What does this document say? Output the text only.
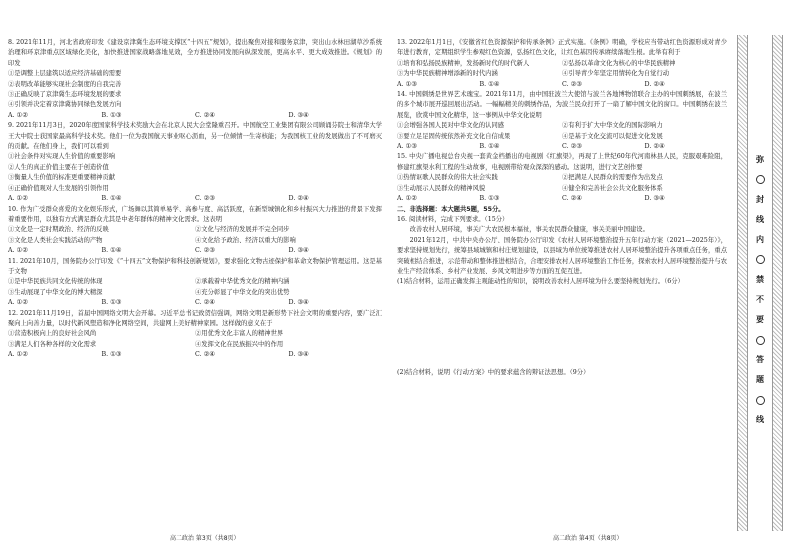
8. 2021年11月，河北省政府印发《建设京津冀生态环境支撑区“十四五”规划》，提出聚焦对接和服务京津，突出山水林田湖草沙系统治理和环京津重点区域绿化美化，加快推进国家战略落地见效，全方推进协同发展向纵深发展，更高水平、更大成效推进。《规划》的印发

①是调整上层建筑以适应经济基础的需要
②表明改革能够实现社会制度的自我完善
③正确反映了京津冀生态环境发展的要求
④引领并决定着京津冀协同绿色发展方向
A. ①②	B. ①③	C. ②④	D. ③④

9. 2021年11月3日，2020年度国家科学技术奖励大会在北京人民大会堂隆重召开。中国航空工业集团有限公司顾诵芬院士和清华大学王大中院士获国家最高科学技术奖。他们一位为我国航天事业呕心沥血，另一位倾情一生寄核能；为我国核工业的发展做出了不可磨灭的贡献。在他们身上，我们可以看到

①社会条件对实现人生价值的重要影响
②人生的真正价值主要在于创造价值
③衡量人生价值的标准更重要精神贡献
④正确价值观对人生发展的引领作用
A. ①②	B. ①④	C. ②③	D. ②④

10. 作为广受群众喜爱的文化娱乐形式，广场舞以其简单易学、高参与度、高活跃度，在新型城镇化和乡村振兴大力推进的背景下发挥着重要作用，以独有方式满足群众尤其是中老年群体的精神文化需求。这表明

①文化是一定时期政治、经济的反映	②文化与经济的发展并不完全同步
③文化是人类社会实践活动的产物	④文化给予政治、经济以重大的影响
A. ①②	B. ①④	C. ②③	D. ③④

11. 2021年10月，国务院办公厅印发《“十四五”文物保护和科技创新规划》，要求强化文物古迹保护和革命文物保护管理运用。这是基于文物

①是中华民族共同文化传统的体现	②承载着中华优秀文化的精神内涵
③生动展现了中华文化的博大精深	④充分彰显了中华文化的突出优势
A. ①②	B. ①③	C. ②④	D. ③④

12. 2021年11月19日，首届中国网络文明大会开幕。习近平总书记致贺信强调，网络文明是新形势下社会文明的重要内容，要广泛汇聚向上向善力量，以时代新风塑造和净化网络空间，共建网上美好精神家园。这样做的意义在于

①营造积极向上的良好社会风尚	②用优秀文化丰富人的精神世界
③满足人们各种各样的文化需求	④发挥文化在民族振兴中的作用
A. ①②	B. ①③	C. ②④	D. ③④

13. 2022年1月1日，《安徽省红色资源保护和传承条例》正式实施。《条例》明确，学校应当带动红色资源形成对青少年进行教育，定期组织学生参观红色资源，弘扬红色文化，让红色基因传承赓续落地生根。此举有利于

①培育和弘扬民族精神，发扬新时代的时代新人	②弘扬以革命文化为核心的中华民族精神
③为中华民族精神增添新的时代内涵	④引导青少年坚定用情转化为自觉行动
A. ①③	B. ①④	C. ②③	D. ②④

14. 中国刺绣是世界艺术瑰宝。2021年11月，由中国驻波兰大使馆与波兰各地博物馆联合主办的中国刺绣展，在波兰的多个城市展开巡回展出活动。一幅幅精美的刺绣作品，为波兰民众打开了一扇了解中国文化的窗口。中国刺绣在波兰展览，欣赏中国文化精华，这一事例从中华文化说明

①会增强各国人民对中华文化的认同感	②有利于扩大中华文化的国际影响力
③要立足足固传统依然补充文化自信成果	④是基于文化交流可以促进文化发展
A. ①③	B. ①④	C. ②③	D. ②④

15. 中央广播电视总台央视一套黄金档播出的电视剧《红旗渠》，再现了上世纪60年代河南林县人民，克服艰难险阻，修建红旗渠水利工程的生动故事，电视剧带给观众深深的感动。这说明，进行文艺创作要

①热情讴歌人民群众的伟大社会实践	②把满足人民群众的需要作为出发点
③生动展示人民群众的精神风貌	④健全和完善社会公共文化服务体系
A. ①②	B. ①③	C. ②④	D. ③④
二、非选择题：本大题共5题，55分。

16. 阅读材料，完成下列要求。（15分）

改善农村人居环境，事关广大农民根本福祉，事关农民群众健康，事关美丽中国建设。

2021年12月，中共中央办公厅、国务院办公厅印发《农村人居环境整治提升五年行动方案（2021—2025年）》，要求坚持规划先行，统筹县域城镇和村庄规划建设，以县域为单位统筹推进农村人居环境整治提升各项重点任务，重点突破相结合推进，示范带动和整体推进相结合，合理安排农村人居环境整治工作任务，探索农村人居环境整治提升与农业生产经营体系、乡村产业发展、乡风文明进步等方面的互促互进。

(1)结合材料，运用正确发挥主观能动性的知识，说明改善农村人居环境为什么要坚持规划先行。（6分）

(2)结合材料，说明《行动方案》中的要求蕴含的辩证法思想。（9分）

弥
封
线
内
禁
不
要
答
题
线
高二政治 第3页（共8页）	高二政治 第4页（共8页）
